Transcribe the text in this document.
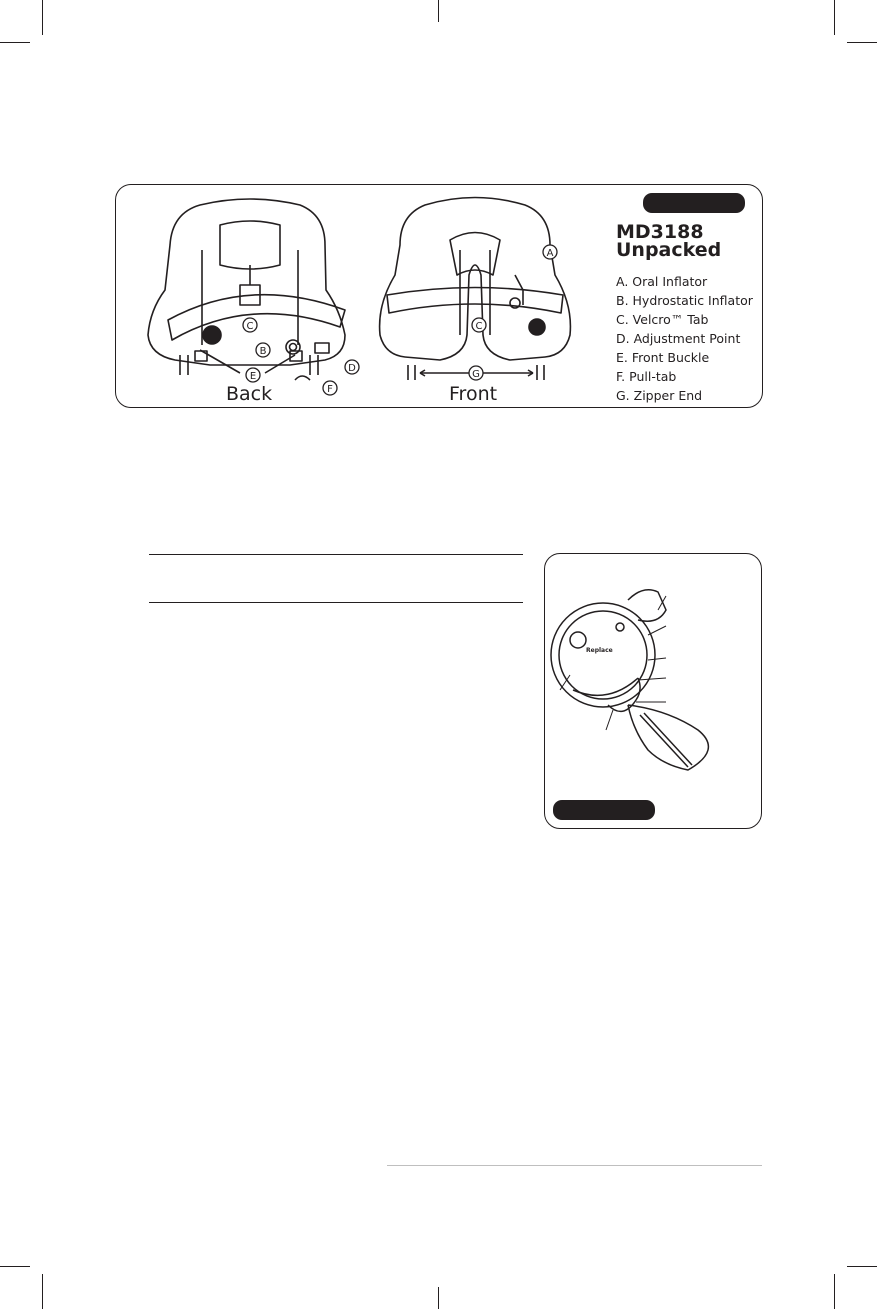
C
B
D
E
F
Back
A
C
G
Front
MD3188
Unpacked
A. Oral Inflator
B. Hydrostatic Inflator
C. Velcro™ Tab
D. Adjustment Point
E. Front Buckle
F. Pull-tab
G. Zipper End
Replace
